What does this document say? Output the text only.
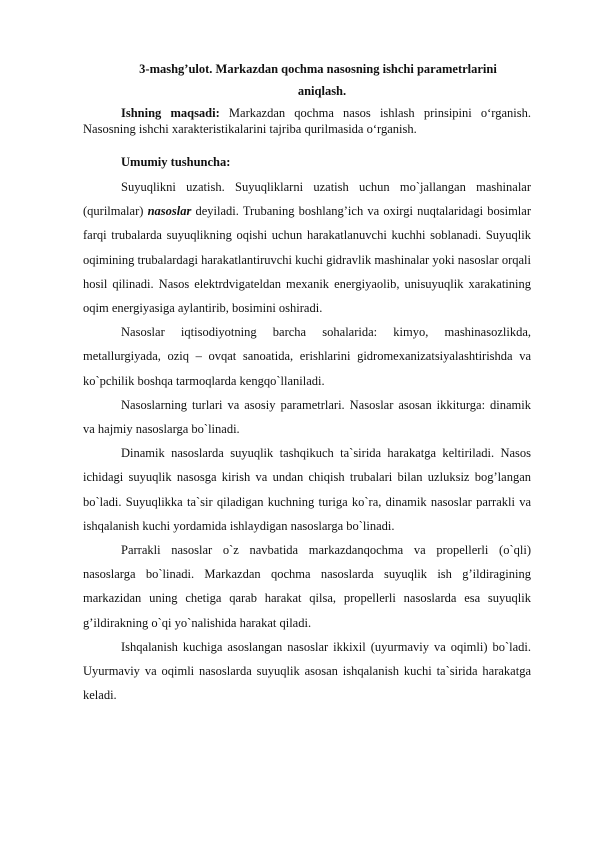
3-mashg’ulot. Markazdan qochma nasosning ishchi parametrlarini

aniqlash.

Ishning maqsadi: Markazdan qochma nasos ishlash prinsipini o‘rganish. Nasosning ishchi xarakteristikalarini tajriba qurilmasida o‘rganish.

Umumiy tushuncha:

Suyuqlikni uzatish. Suyuqliklarni uzatish uchun mo`jallangan mashinalar (qurilmalar) nasoslar deyiladi. Trubaning boshlang’ich va oxirgi nuqtalaridagi bosimlar farqi trubalarda suyuqlikning oqishi uchun harakatlanuvchi kuchhi soblanadi. Suyuqlik oqimining trubalardagi harakatlantiruvchi kuchi gidravlik mashinalar yoki nasoslar orqali hosil qilinadi. Nasos elektrdvigateldan mexanik energiyaolib, unisuyuqlik xarakatining oqim energiyasiga aylantirib, bosimini oshiradi.

Nasoslar iqtisodiyotning barcha sohalarida: kimyo, mashinasozlikda, metallurgiyada, oziq – ovqat sanoatida, erishlarini gidromexanizatsiyalashtirishda va ko`pchilik boshqa tarmoqlarda kengqo`llaniladi.

Nasoslarning turlari va asosiy parametrlari. Nasoslar asosan ikkiturga: dinamik va hajmiy nasoslarga bo`linadi.

Dinamik nasoslarda suyuqlik tashqikuch ta`sirida harakatga keltiriladi. Nasos ichidagi suyuqlik nasosga kirish va undan chiqish trubalari bilan uzluksiz bog’langan bo`ladi. Suyuqlikka ta`sir qiladigan kuchning turiga ko`ra, dinamik nasoslar parrakli va ishqalanish kuchi yordamida ishlaydigan nasoslarga bo`linadi.

Parrakli nasoslar o`z navbatida markazdanqochma va propellerli (o`qli) nasoslarga bo`linadi. Markazdan qochma nasoslarda suyuqlik ish g’ildiragining markazidan uning chetiga qarab harakat qilsa, propellerli nasoslarda esa suyuqlik g’ildirakning o`qi yo`nalishida harakat qiladi.

Ishqalanish kuchiga asoslangan nasoslar ikkixil (uyurmaviy va oqimli) bo`ladi. Uyurmaviy va oqimli nasoslarda suyuqlik asosan ishqalanish kuchi ta`sirida harakatga keladi.
